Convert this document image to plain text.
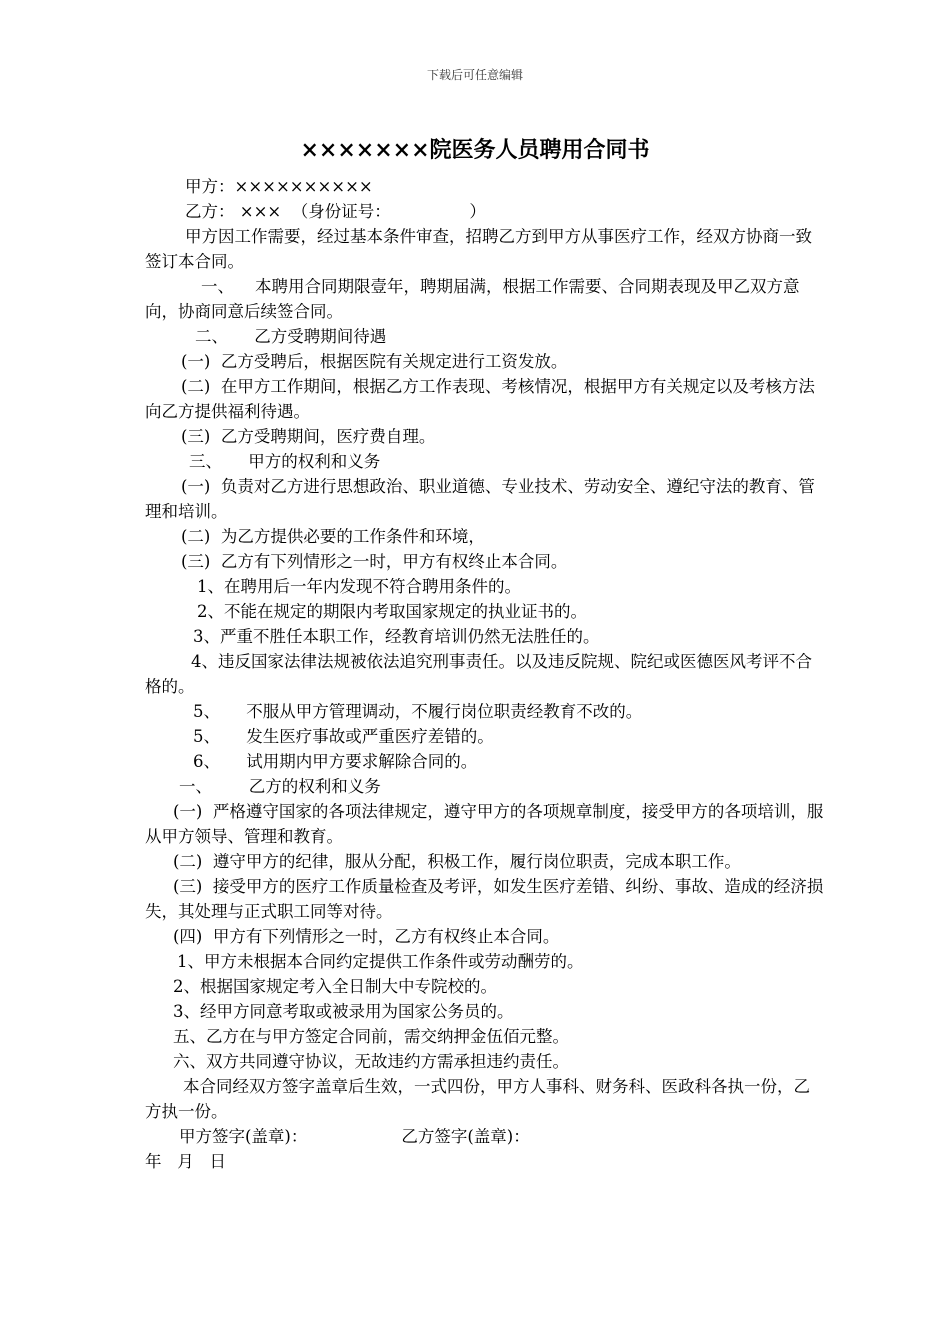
下载后可任意编辑
×××××××院医务人员聘用合同书
甲方：××××××××××
乙方： ×××  （身份证号：               ）
甲方因工作需要，经过基本条件审查，招聘乙方到甲方从事医疗工作，经双方协商一致签订本合同。
一、    本聘用合同期限壹年，聘期届满，根据工作需要、合同期表现及甲乙双方意向，协商同意后续签合同。
二、     乙方受聘期间待遇
(一)  乙方受聘后，根据医院有关规定进行工资发放。
(二)  在甲方工作期间，根据乙方工作表现、考核情况，根据甲方有关规定以及考核方法向乙方提供福利待遇。
(三)  乙方受聘期间，医疗费自理。
三、     甲方的权利和义务
(一)  负责对乙方进行思想政治、职业道德、专业技术、劳动安全、遵纪守法的教育、管理和培训。
(二)  为乙方提供必要的工作条件和环境，
(三)  乙方有下列情形之一时，甲方有权终止本合同。
1、在聘用后一年内发现不符合聘用条件的。
2、不能在规定的期限内考取国家规定的执业证书的。
3、严重不胜任本职工作，经教育培训仍然无法胜任的。
4、违反国家法律法规被依法追究刑事责任。以及违反院规、院纪或医德医风考评不合格的。
5、     不服从甲方管理调动，不履行岗位职责经教育不改的。
5、     发生医疗事故或严重医疗差错的。
6、     试用期内甲方要求解除合同的。
一、       乙方的权利和义务
(一)  严格遵守国家的各项法律规定，遵守甲方的各项规章制度，接受甲方的各项培训，服从甲方领导、管理和教育。
(二)  遵守甲方的纪律，服从分配，积极工作，履行岗位职责，完成本职工作。
(三)  接受甲方的医疗工作质量检查及考评，如发生医疗差错、纠纷、事故、造成的经济损失，其处理与正式职工同等对待。
(四)  甲方有下列情形之一时，乙方有权终止本合同。
1、甲方未根据本合同约定提供工作条件或劳动酬劳的。
2、根据国家规定考入全日制大中专院校的。
3、经甲方同意考取或被录用为国家公务员的。
五、乙方在与甲方签定合同前，需交纳押金伍佰元整。
六、双方共同遵守协议，无故违约方需承担违约责任。
本合同经双方签字盖章后生效，一式四份，甲方人事科、财务科、医政科各执一份，乙方执一份。
甲方签字(盖章)：	乙方签字(盖章)：
年   月   日
